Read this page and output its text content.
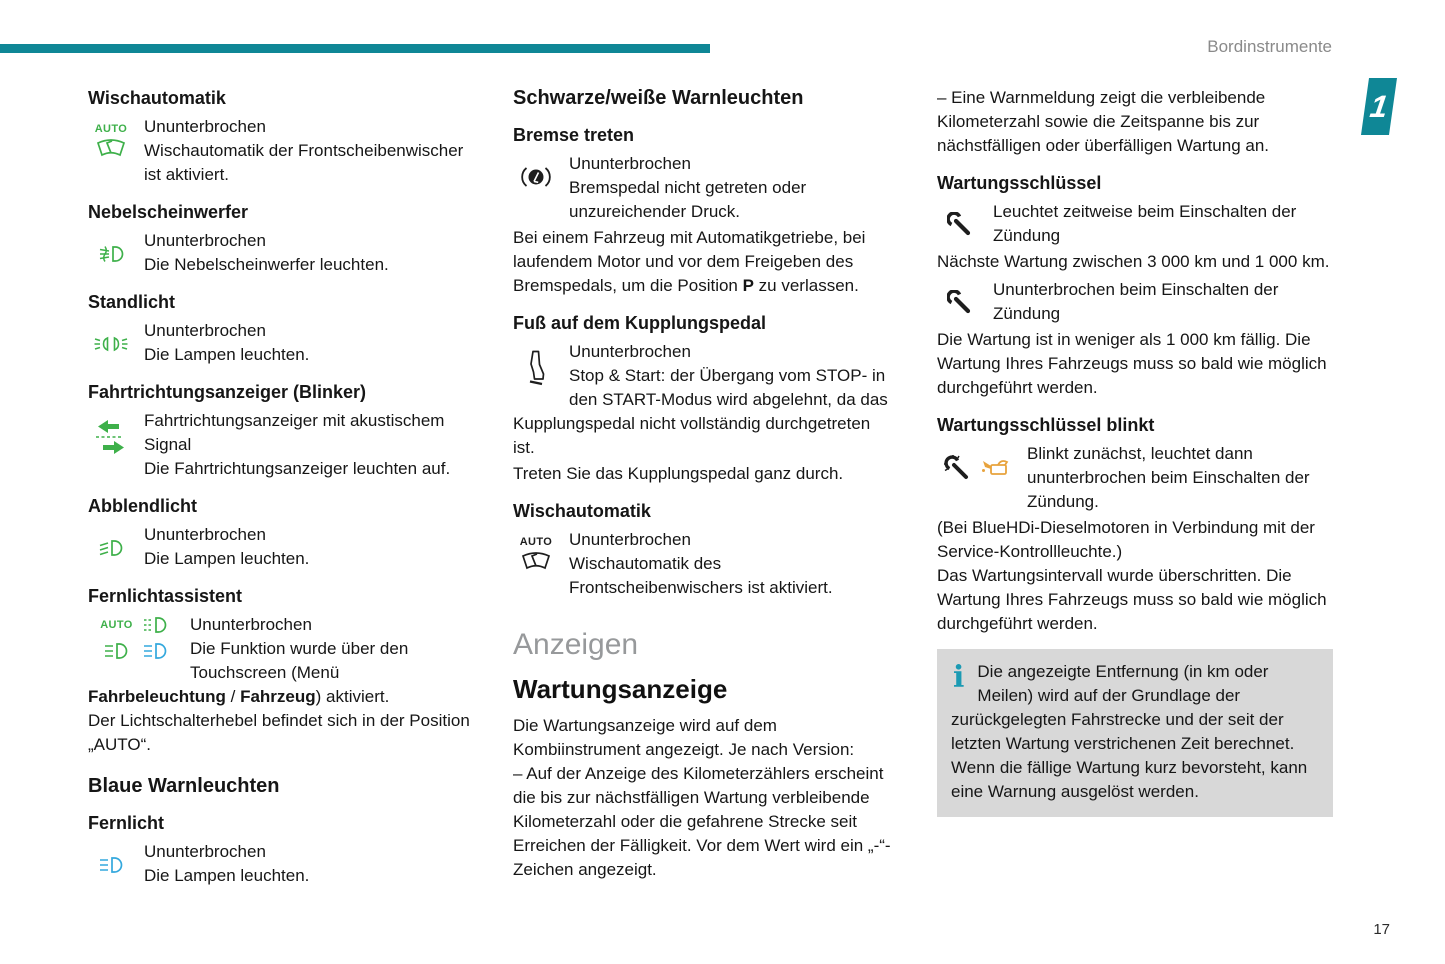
Bordinstrumente
1
Wischautomatik
AUTO Ununterbrochen
Wischautomatik der Frontscheibenwischer ist aktiviert.
Nebelscheinwerfer
Ununterbrochen
Die Nebelscheinwerfer leuchten.
Standlicht
Ununterbrochen
Die Lampen leuchten.
Fahrtrichtungsanzeiger (Blinker)
Fahrtrichtungsanzeiger mit akustischem Signal
Die Fahrtrichtungsanzeiger leuchten auf.
Abblendlicht
Ununterbrochen
Die Lampen leuchten.
Fernlichtassistent
AUTO	Ununterbrochen
Die Funktion wurde über den Touchscreen (Menü Fahrbeleuchtung / Fahrzeug) aktiviert.
Der Lichtschalterhebel befindet sich in der Position „AUTO“.
Blaue Warnleuchten
Fernlicht
Ununterbrochen
Die Lampen leuchten.
Schwarze/weiße Warnleuchten
Bremse treten
Ununterbrochen
Bremspedal nicht getreten oder unzureichender Druck.

Bei einem Fahrzeug mit Automatikgetriebe, bei laufendem Motor und vor dem Freigeben des Bremspedals, um die Position P zu verlassen.

Fuß auf dem Kupplungspedal
Ununterbrochen
Stop & Start: der Übergang vom STOP- in den START-Modus wird abgelehnt, da das Kupplungspedal nicht vollständig durchgetreten ist.

Treten Sie das Kupplungspedal ganz durch.

Wischautomatik
AUTO Ununterbrochen
Wischautomatik des Frontscheibenwischers ist aktiviert.
Anzeigen
Wartungsanzeige

Die Wartungsanzeige wird auf dem Kombiinstrument angezeigt. Je nach Version:

– Auf der Anzeige des Kilometerzählers erscheint die bis zur nächstfälligen Wartung verbleibende Kilometerzahl oder die gefahrene Strecke seit Erreichen der Fälligkeit. Vor dem Wert wird ein „-“-Zeichen angezeigt.

– Eine Warnmeldung zeigt die verbleibende Kilometerzahl sowie die Zeitspanne bis zur nächstfälligen oder überfälligen Wartung an.

Wartungsschlüssel
Leuchtet zeitweise beim Einschalten der Zündung

Nächste Wartung zwischen 3 000 km und 1 000 km.

Ununterbrochen beim Einschalten der Zündung

Die Wartung ist in weniger als 1 000 km fällig. Die Wartung Ihres Fahrzeugs muss so bald wie möglich durchgeführt werden.

Wartungsschlüssel blinkt
Blinkt zunächst, leuchtet dann ununterbrochen beim Einschalten der Zündung.

(Bei BlueHDi-Dieselmotoren in Verbindung mit der Service-Kontrollleuchte.)

Das Wartungsintervall wurde überschritten. Die Wartung Ihres Fahrzeugs muss so bald wie möglich durchgeführt werden.

i Die angezeigte Entfernung (in km oder Meilen) wird auf der Grundlage der zurückgelegten Fahrstrecke und der seit der letzten Wartung verstrichenen Zeit berechnet. Wenn die fällige Wartung kurz bevorsteht, kann eine Warnung ausgelöst werden.
17
